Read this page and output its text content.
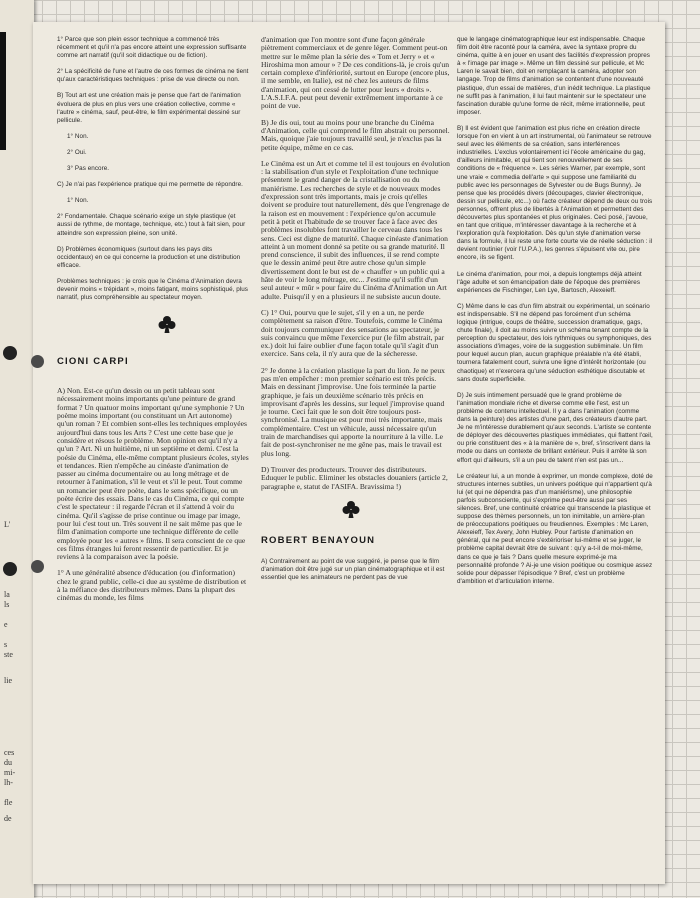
L'
la
ls
e
s
ste
lie
ces
du
mi-
lh-
fle
de

1° Parce que son plein essor technique a commencé très récemment et qu'il n'a pas encore atteint une expression suffisante comme art narratif (qu'il soit didactique ou de fiction).

2° La spécificité de l'une et l'autre de ces formes de cinéma ne tient qu'aux caractéristiques techniques : prise de vue directe ou non.

B) Tout art est une création mais je pense que l'art de l'animation évoluera de plus en plus vers une création collective, comme « l'autre » cinéma, sauf, peut-être, le film expérimental dessiné sur pellicule.

1° Non.

2° Oui.

3° Pas encore.

C) Je n'ai pas l'expérience pratique qui me permette de répondre.

1° Non.

2° Fondamentale. Chaque scénario exige un style plastique (et aussi de rythme, de montage, technique, etc.) tout à fait sien, pour atteindre son expression pleine, son unité.

D) Problèmes économiques (surtout dans les pays dits occidentaux) en ce qui concerne la production et une distribution efficace.

Problèmes techniques : je crois que le Cinéma d'Animation devra devenir moins « trépidant », moins fatigant, moins sophistiqué, plus narratif, plus compréhensible au spectateur moyen.

CIONI CARPI

A) Non. Est-ce qu'un dessin ou un petit tableau sont nécessairement moins importants qu'une peinture de grand format ? Un quatuor moins important qu'une symphonie ? Un poème moins important (ou constituant un Art autonome) qu'un roman ? Et combien sont-elles les techniques employées aujourd'hui dans tous les Arts ? C'est une cette base que je considère et résous le problème. Mon opinion est qu'il n'y a qu'un ? Art. Ni un huitième, ni un septième et demi. C'est la poésie du Cinéma, elle-même comptant plusieurs écoles, styles et tendances. Rien n'empêche au cinéaste d'animation de passer au cinéma documentaire ou au long métrage et de retourner à l'animation, s'il le veut et s'il le peut. Tout comme un romancier peut être poète, dans le sens spécifique, ou un poète écrire des essais. Dans le cas du Cinéma, ce qui compte c'est le spectateur : il regarde l'écran et il s'attend à voir du cinéma. Qu'il s'agisse de prise continue ou image par image, pour lui c'est tout un. Très souvent il ne sait même pas que le film d'animation comporte une technique différente de celle employée pour les « autres » films. Il sera conscient de ce que ces films étranges lui feront ressentir de particulier. Et je reviens à la comparaison avec la poésie.

1° A une généralité absence d'éducation (ou d'information) chez le grand public, celle-ci due au système de distribution et à la méfiance des distributeurs mêmes. Dans la plupart des cinémas du monde, les films

d'animation que l'on montre sont d'une façon générale piètrement commerciaux et de genre léger. Comment peut-on mettre sur le même plan la série des « Tom et Jerry » et « Hiroshima mon amour » ? De ces conditions-là, je crois qu'un certain complexe d'infériorité, surtout en Europe (encore plus, il me semble, en Italie), est né chez les auteurs de films d'animation, qui ont cessé de lutter pour leurs « droits ». L'A.S.I.F.A. peut peut devenir extrêmement importante à ce point de vue.

B) Je dis oui, tout au moins pour une branche du Cinéma d'Animation, celle qui comprend le film abstrait ou personnel. Mais, quoique j'aie toujours travaillé seul, je n'exclus pas la petite équipe, même en ce cas.

Le Cinéma est un Art et comme tel il est toujours en évolution : la stabilisation d'un style et l'exploitation d'une technique présentent le grand danger de la cristallisation ou du maniérisme. Les recherches de style et de nouveaux modes d'expression sont très importants, mais je crois qu'elles doivent se produire tout naturellement, dès que l'engrenage de la raison est en mouvement : l'expérience qu'on accumule petit à petit et l'habitude de se trouver face à face avec des problèmes insolubles font travailler le cerveau dans tous les sens. Ceci est digne de maturité. Chaque cinéaste d'animation atteint à un moment donné sa petite ou sa grande maturité. Il prend conscience, il subit des influences, il se rend compte que le dessin animé peut être autre chose qu'un simple divertissement dont le but est de « chauffer » un public qui a hâte de voir le long métrage, etc... J'estime qu'il suffit d'un seul auteur « mûr » pour faire du Cinéma d'Animation un Art adulte. Puisqu'il y en a plusieurs il ne subsiste aucun doute.

C) 1° Oui, pourvu que le sujet, s'il y en a un, ne perde complètement sa raison d'être. Toutefois, comme le Cinéma doit toujours communiquer des sensations au spectateur, je suis convaincu que même l'exercice pur (le film abstrait, par ex.) doit lui faire oublier d'une façon totale qu'il s'agit d'un exercice. Sans cela, il n'y aura que de la sécheresse.

2° Je donne à la création plastique la part du lion. Je ne peux pas m'en empêcher : mon premier scénario est très précis. Mais en dessinant j'improvise. Une fois terminée la partie graphique, je fais un deuxième scénario très précis en improvisant d'après les dessins, sur lequel j'improvise quand je tourne. Ceci fait que le son doit être toujours post-synchronisé. La musique est pour moi très importante, mais complémentaire. C'est un véhicule, aussi nécessaire qu'un train de marchandises qui apporte la nourriture à la ville. Le fait de post-synchroniser ne me gêne pas, mais le travail est plus long.

D) Trouver des producteurs. Trouver des distributeurs. Eduquer le public. Eliminer les obstacles douaniers (article 2, paragraphe e, statut de l'ASIFA. Bravissima !)

ROBERT BENAYOUN

A) Contrairement au point de vue suggéré, je pense que le film d'animation doit être jugé sur un plan cinématographique et il est essentiel que les animateurs ne perdent pas de vue

que le langage cinématographique leur est indispensable. Chaque film doit être raconté pour la caméra, avec la syntaxe propre du cinéma, quitte à en jouer en usant des facilités d'expression propres à « l'image par image ». Même un film dessiné sur pellicule, et Mc Laren le savait bien, doit en remplaçant la caméra, adopter son langage. Trop de films d'animation se contentent d'une nouveauté plastique, d'un essai de matières, d'un inédit technique. La plastique ne suffit pas à l'animation, il lui faut maintenir sur le spectateur une fascination durable qu'une forme de récit, même irrationnelle, peut imposer.

B) Il est évident que l'animation est plus riche en création directe lorsque l'on en vient à un art instrumental, où l'animateur se retrouve seul avec les éléments de sa création, sans interférences industrielles. L'exclus volontairement ici l'école américaine du gag, d'ailleurs inimitable, et qui tient son renouvellement de ses conditions de « fréquence ». Les séries Warner, par exemple, sont une vraie « commedia dell'arte » qui suppose une familiarité du public avec les personnages de Sylvester ou de Bugs Bunny). Je pense que les procédés divers (découpages, clavier électronique, dessin sur pellicule, etc...) où l'acte créateur dépend de deux ou trois personnes, offrent plus de libertés à l'Animation et permettent des découvertes plus spontanées et plus originales. Ceci posé, j'avoue, en tant que critique, m'intéresser davantage à la recherche et à l'exploration qu'à l'exploitation. Dès qu'un style d'animation verse dans la formule, il lui reste une forte courte vie de réelle séduction : il devient routinier (voir l'U.P.A.), les genres s'épuisent vite ou, pire encore, ils se figent.

Le cinéma d'animation, pour moi, a depuis longtemps déjà atteint l'âge adulte et son émancipation date de l'époque des premières expériences de Fischinger, Len Lye, Bartosch, Alexeieff.

C) Même dans le cas d'un film abstrait ou expérimental, un scénario est indispensable. S'il ne dépend pas forcément d'un schéma logique (intrigue, coups de théâtre, succession dramatique, gags, chute finale), il doit au moins suivre un schéma tenant compte de la perception du spectateur, des lois rythmiques ou symphoniques, des associations d'images, voire de la suggestion subliminale. Un film pour lequel aucun plan, aucun graphique préalable n'a été établi, tournera fatalement court, suivra une ligne d'intérêt horizontale (ou chaotique) et n'exercera qu'une séduction esthétique discutable et sans doute superficielle.

D) Je suis intimement persuadé que le grand problème de l'animation mondiale riche et diverse comme elle l'est, est un problème de contenu intellectuel. Il y a dans l'animation (comme dans la peinture) des artistes d'une part, des créateurs d'autre part. Je ne m'intéresse durablement qu'aux seconds. L'artiste se contente de déployer des découvertes plastiques immédiates, qui flattent l'œil, ou prie constituent des « à la manière de », bref, s'inscrivent dans la mode ou dans un contexte de brillant extérieur. Puis il arrête là son effort qui d'ailleurs, s'il a un peu de talent n'en est pas un...

Le créateur lui, a un monde à exprimer, un monde complexe, doté de structures internes subtiles, un univers poétique qui n'appartient qu'à lui (et qui ne dépendra pas d'un maniérisme), une philosophie parfois subconsciente, qui s'exprime peut-être aussi par ses silences. Bref, une continuité créatrice qui transcende la plastique et suppose des thèmes personnels, un ton inimitable, un arrière-plan de préoccupations poétiques ou freudiennes. Exemples : Mc Laren, Alexeieff, Tex Avery, John Hubley. Pour l'artiste d'animation en général, qui ne peut encore s'extérioriser lui-même et se juger, le problème capital devrait être de suivant : qu'y a-t-il de moi-même, dans ce que je fais ? Dans quelle mesure exprimé-je ma personnalité profonde ? Ai-je une vision poétique ou cosmique assez solide pour dépasser l'épisodique ? Bref, c'est un problème d'ambition et d'articulation interne.
